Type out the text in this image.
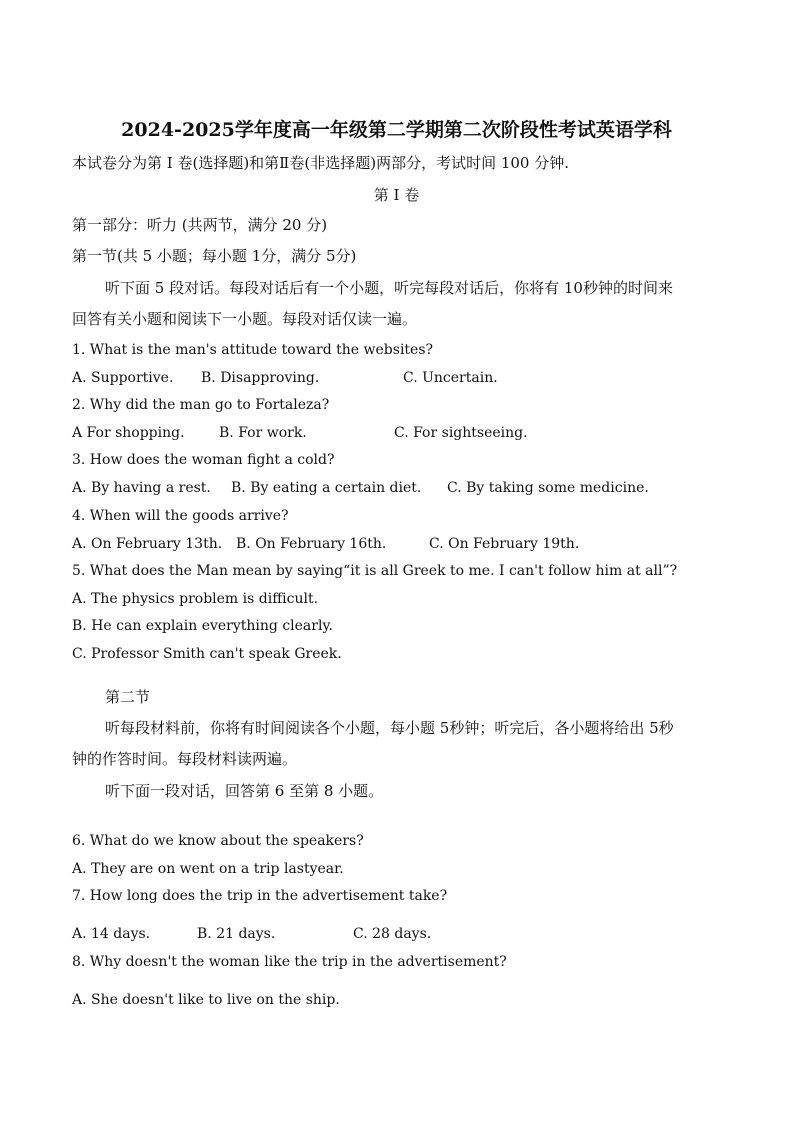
2024-2025学年度高一年级第二学期第二次阶段性考试英语学科
本试卷分为第 I 卷(选择题)和第Ⅱ卷(非选择题)两部分，考试时间 100 分钟.
第 I 卷
第一部分：听力 (共两节，满分 20 分)
第一节(共 5 小题；每小题 1分，满分 5分)
听下面 5 段对话。每段对话后有一个小题，听完每段对话后，你将有 10秒钟的时间来
回答有关小题和阅读下一小题。每段对话仅读一遍。
1. What is the man's attitude toward the websites?
A. Supportive. B. Disapproving.	C. Uncertain.
2. Why did the man go to Fortaleza?
A For shopping. B. For work.	C. For sightseeing.
3. How does the woman fight a cold?
A. By having a rest. B. By eating a certain diet. C. By taking some medicine.
4. When will the goods arrive?
A. On February 13th. B. On February 16th.	C. On February 19th.
5. What does the Man mean by saying“it is all Greek to me. I can't follow him at all”?
A. The physics problem is difficult.
B. He can explain everything clearly.
C. Professor Smith can't speak Greek.
第二节
听每段材料前，你将有时间阅读各个小题，每小题 5秒钟；听完后，各小题将给出 5秒
钟的作答时间。每段材料读两遍。
听下面一段对话，回答第 6 至第 8 小题。
6. What do we know about the speakers?
A. They are on went on a trip lastyear.
7. How long does the trip in the advertisement take?
A. 14 days.	B. 21 days.	C. 28 days.
8. Why doesn't the woman like the trip in the advertisement?
A. She doesn't like to live on the ship.
